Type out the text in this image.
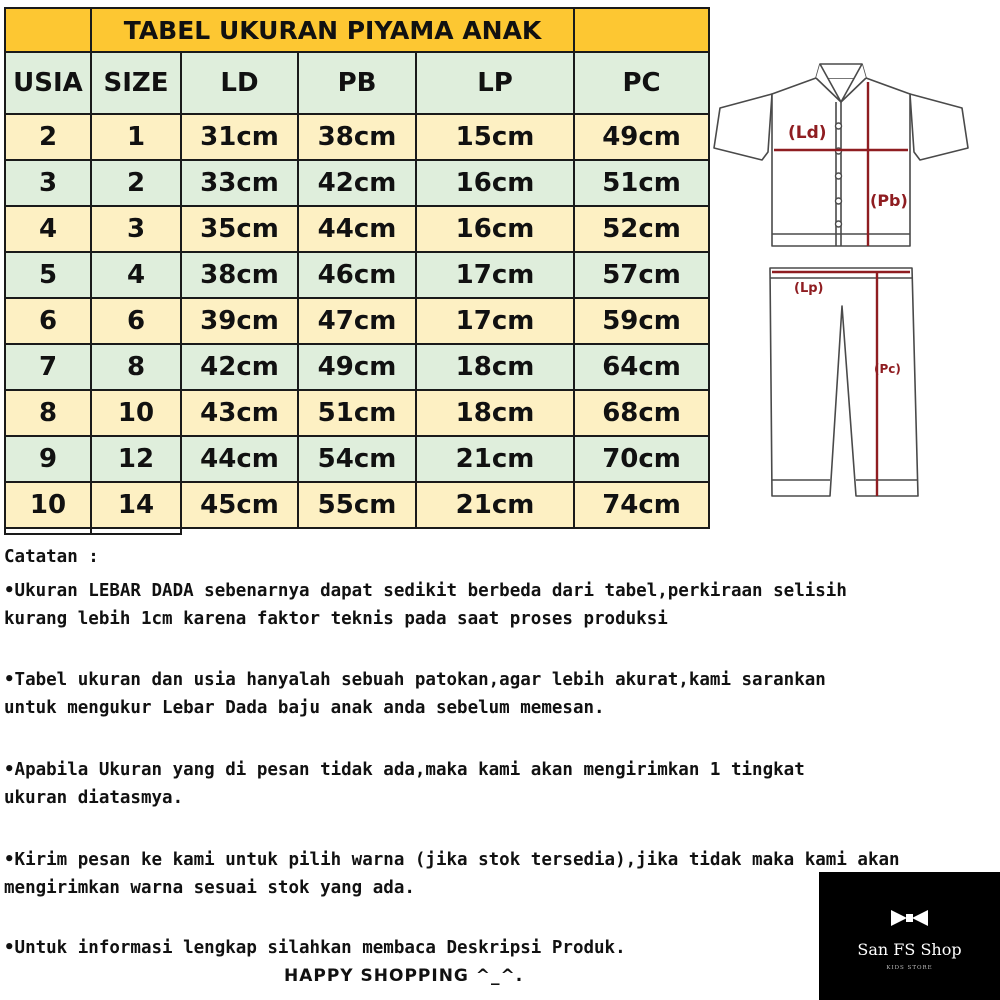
	TABEL UKURAN PIYAMA ANAK				
USIA	SIZE	LD	PB	LP	PC
2	1	31cm	38cm	15cm	49cm
3	2	33cm	42cm	16cm	51cm
4	3	35cm	44cm	16cm	52cm
5	4	38cm	46cm	17cm	57cm
6	6	39cm	47cm	17cm	59cm
7	8	42cm	49cm	18cm	64cm
8	10	43cm	51cm	18cm	68cm
9	12	44cm	54cm	21cm	70cm
10	14	45cm	55cm	21cm	74cm

(Ld)
(Pb)
(Lp)
(Pc)

Catatan :

•Ukuran LEBAR DADA sebenarnya dapat sedikit berbeda dari tabel,perkiraan selisih
kurang lebih 1cm karena faktor teknis pada saat proses produksi
•Tabel ukuran dan usia hanyalah sebuah patokan,agar lebih akurat,kami sarankan
untuk mengukur Lebar Dada baju anak anda sebelum memesan.
•Apabila Ukuran yang di pesan tidak ada,maka kami akan mengirimkan 1 tingkat
ukuran diatasmya.
•Kirim pesan ke kami untuk pilih warna (jika stok tersedia),jika tidak maka kami akan
mengirimkan warna sesuai stok yang ada.
•Untuk informasi lengkap silahkan membaca Deskripsi Produk.
HAPPY SHOPPING ^_^.
San FS Shop
KIDS STORE
